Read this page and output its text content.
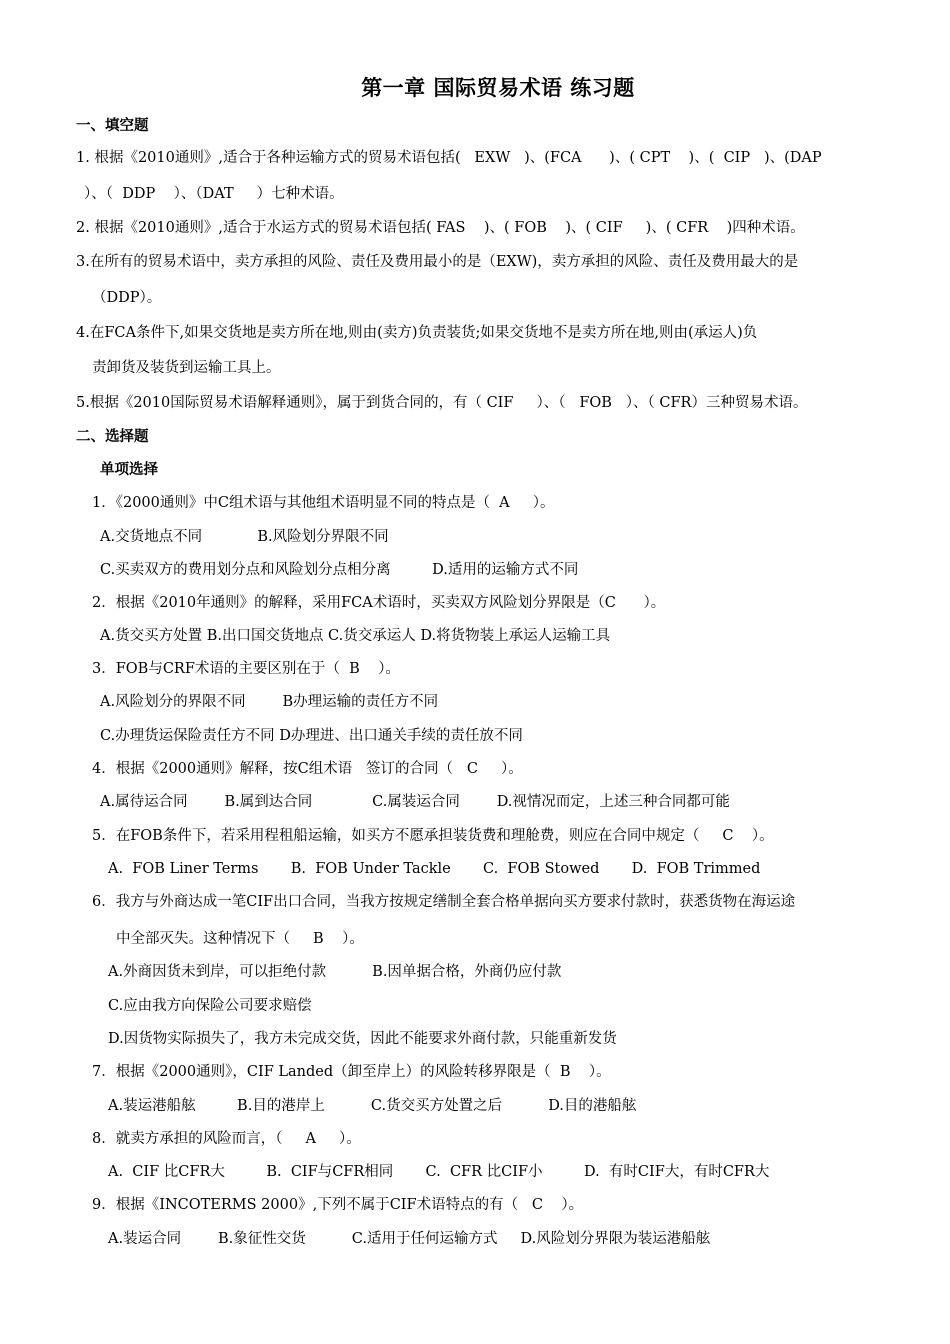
第一章 国际贸易术语 练习题
一、填空题
1. 根据《2010通则》,适合于各种运输方式的贸易术语包括(   EXW   )、(FCA      )、( CPT    )、(  CIP   )、(DAP
）、（  DDP    ）、（DAT     ）七种术语。
2. 根据《2010通则》,适合于水运方式的贸易术语包括( FAS    )、( FOB    )、( CIF     )、( CFR    )四种术语。
3.在所有的贸易术语中，卖方承担的风险、责任及费用最小的是（EXW)，卖方承担的风险、责任及费用最大的是
（DDP）。
4.在FCA条件下,如果交货地是卖方所在地,则由(卖方)负责装货;如果交货地不是卖方所在地,则由(承运人)负
责卸货及装货到运输工具上。
5.根据《2010国际贸易术语解释通则》，属于到货合同的，有（ CIF     ）、（   FOB   ）、（ CFR）三种贸易术语。
二、选择题
单项选择
1．《2000通则》中C组术语与其他组术语明显不同的特点是（  A     ）。
A.交货地点不同            B.风险划分界限不同
C.买卖双方的费用划分点和风险划分点相分离         D.适用的运输方式不同
2．根据《2010年通则》的解释，采用FCA术语时，买卖双方风险划分界限是（C      ）。
A.货交买方处置 B.出口国交货地点 C.货交承运人 D.将货物装上承运人运输工具
3．FOB与CRF术语的主要区别在于（  B    ）。
A.风险划分的界限不同        B办理运输的责任方不同
C.办理货运保险责任方不同 D办理进、出口通关手续的责任放不同
4．根据《2000通则》解释，按C组术语   签订的合同（   C     ）。
A.属待运合同        B.属到达合同             C.属装运合同        D.视情况而定，上述三种合同都可能
5．在FOB条件下，若采用程租船运输，如买方不愿承担装货费和理舱费，则应在合同中规定（     C    ）。
A.  FOB Liner Terms       B.  FOB Under Tackle       C.  FOB Stowed       D.  FOB Trimmed
6．我方与外商达成一笔CIF出口合同，当我方按规定缮制全套合格单据向买方要求付款时，获悉货物在海运途
中全部灭失。这种情况下（     B    ）。
A.外商因货未到岸，可以拒绝付款          B.因单据合格，外商仍应付款
C.应由我方向保险公司要求赔偿
D.因货物实际损失了，我方未完成交货，因此不能要求外商付款，只能重新发货
7．根据《2000通则》，CIF Landed（卸至岸上）的风险转移界限是（  B    ）。
A.装运港船舷         B.目的港岸上          C.货交买方处置之后          D.目的港船舷
8．就卖方承担的风险而言，（     A     ）。
A.  CIF 比CFR大         B.  CIF与CFR相同       C.  CFR 比CIF小         D.  有时CIF大，有时CFR大
9．根据《INCOTERMS 2000》,下列不属于CIF术语特点的有（   C    ）。
A.装运合同        B.象征性交货          C.适用于任何运输方式     D.风险划分界限为装运港船舷
